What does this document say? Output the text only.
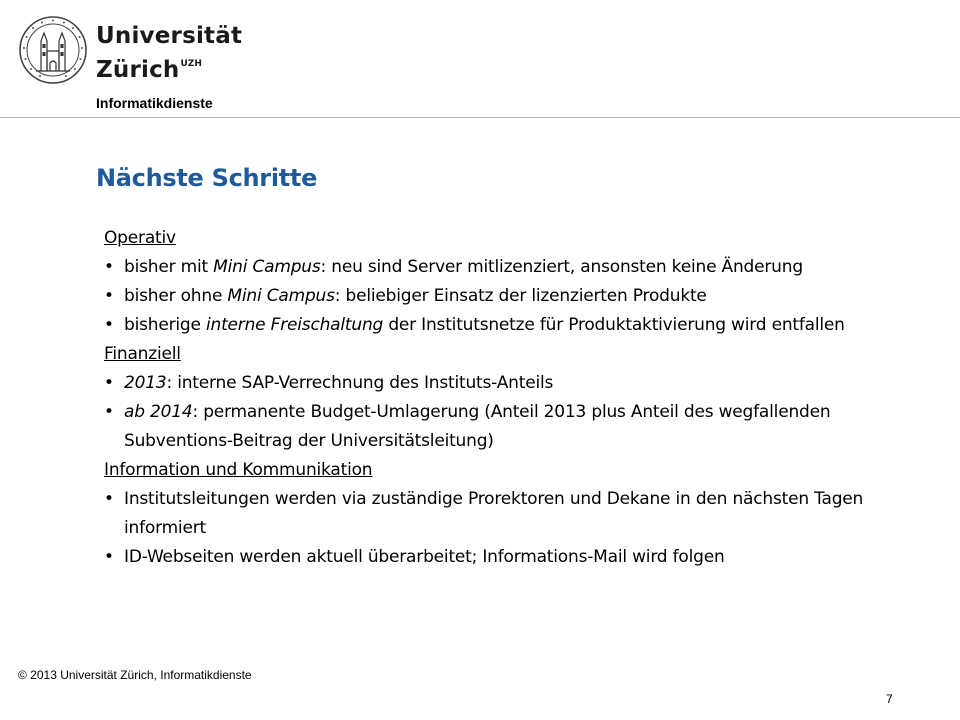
Universität
Zürich$^{UZH}$
Informatikdienste
Nächste Schritte
Operativ
• bisher mit Mini Campus: neu sind Server mitlizenziert, ansonsten keine Änderung
• bisher ohne Mini Campus: beliebiger Einsatz der lizenzierten Produkte
• bisherige interne Freischaltung der Institutsnetze für Produktaktivierung wird entfallen
Finanziell
• 2013: interne SAP-Verrechnung des Instituts-Anteils
• ab 2014: permanente Budget-Umlagerung (Anteil 2013 plus Anteil des wegfallenden Subventions-Beitrag der Universitätsleitung)
Information und Kommunikation
• Institutsleitungen werden via zuständige Prorektoren und Dekane in den nächsten Tagen informiert
• ID-Webseiten werden aktuell überarbeitet; Informations-Mail wird folgen
© 2013 Universität Zürich, Informatikdienste
7
